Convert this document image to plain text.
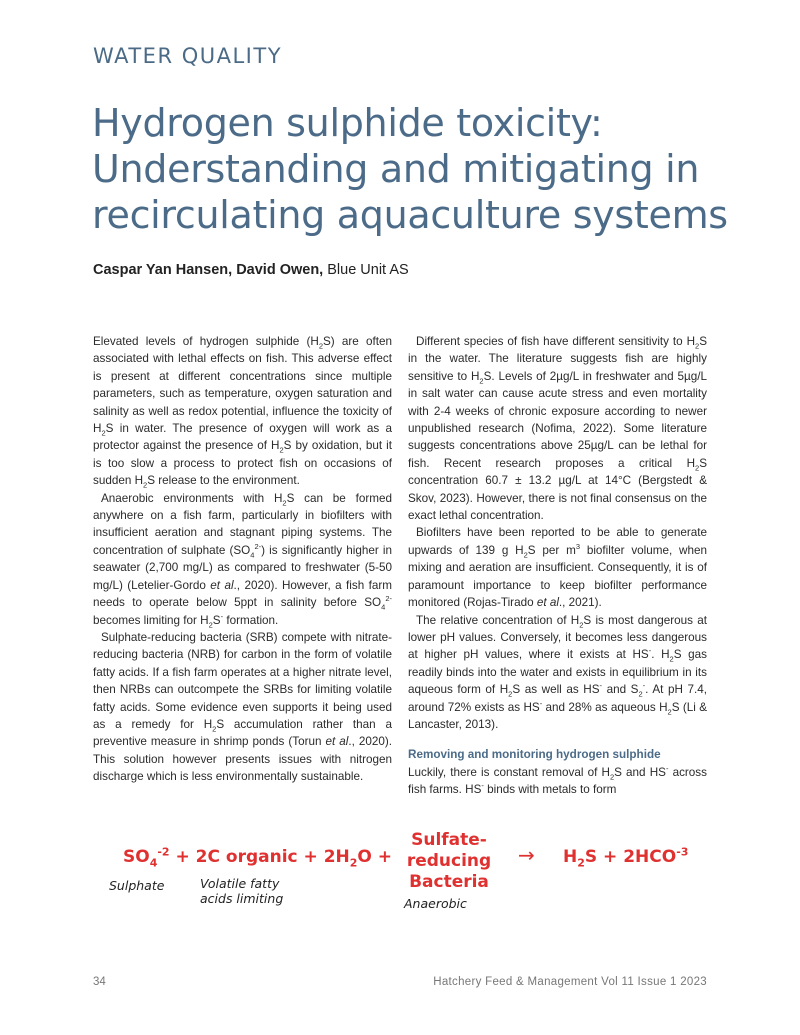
WATER QUALITY
Hydrogen sulphide toxicity: Understanding and mitigating in recirculating aquaculture systems
Caspar Yan Hansen, David Owen, Blue Unit AS

Elevated levels of hydrogen sulphide $(H_2S)$ are often associated with lethal effects on fish. This adverse effect is present at different concentrations since multiple parameters, such as temperature, oxygen saturation and salinity as well as redox potential, influence the toxicity of $H_2S$ in water. The presence of oxygen will work as a protector against the presence of $H_2S$ by oxidation, but it is too slow a process to protect fish on occasions of sudden $H_2S$ release to the environment.

Anaerobic environments with $H_2S$ can be formed anywhere on a fish farm, particularly in biofilters with insufficient aeration and stagnant piping systems. The concentration of sulphate $(SO_4^{2-})$ is significantly higher in seawater (2,700 mg/L) as compared to freshwater (5-50 mg/L) (Letelier-Gordo et al., 2020). However, a fish farm needs to operate below 5ppt in salinity before $SO_4^{2-}$ becomes limiting for $H_2S^-$ formation.

Sulphate-reducing bacteria (SRB) compete with nitrate-reducing bacteria (NRB) for carbon in the form of volatile fatty acids. If a fish farm operates at a higher nitrate level, then NRBs can outcompete the SRBs for limiting volatile fatty acids. Some evidence even supports it being used as a remedy for $H_2S$ accumulation rather than a preventive measure in shrimp ponds (Torun et al., 2020). This solution however presents issues with nitrogen discharge which is less environmentally sustainable.

Different species of fish have different sensitivity to $H_2S$ in the water. The literature suggests fish are highly sensitive to $H_2S$. Levels of 2µg/L in freshwater and 5µg/L in salt water can cause acute stress and even mortality with 2-4 weeks of chronic exposure according to newer unpublished research (Nofima, 2022). Some literature suggests concentrations above 25µg/L can be lethal for fish. Recent research proposes a critical $H_2S$ concentration 60.7 ± 13.2 µg/L at 14°C (Bergstedt & Skov, 2023). However, there is not final consensus on the exact lethal concentration.

Biofilters have been reported to be able to generate upwards of 139 g $H_2S$ per $m^3$ biofilter volume, when mixing and aeration are insufficient. Consequently, it is of paramount importance to keep biofilter performance monitored (Rojas-Tirado et al., 2021).

The relative concentration of $H_2S$ is most dangerous at lower pH values. Conversely, it becomes less dangerous at higher pH values, where it exists at HS-. $H_2S$ gas readily binds into the water and exists in equilibrium in its aqueous form of $H_2S$ as well as HS- and $S_2^-$. At pH 7.4, around 72% exists as HS- and 28% as aqueous $H_2S$ (Li & Lancaster, 2013).

Removing and monitoring hydrogen sulphide

Luckily, there is constant removal of $H_2S$ and HS- across fish farms. HS- binds with metals to form

$SO_4^{-2} + 2C$ organic + $2H_2O$ +
Sulfate-
reducing
Bacteria
→ $H_2S + 2HCO^{-3}$
Sulphate	Volatile fatty acids limiting	Anaerobic
34	Hatchery Feed & Management Vol 11 Issue 1 2023
